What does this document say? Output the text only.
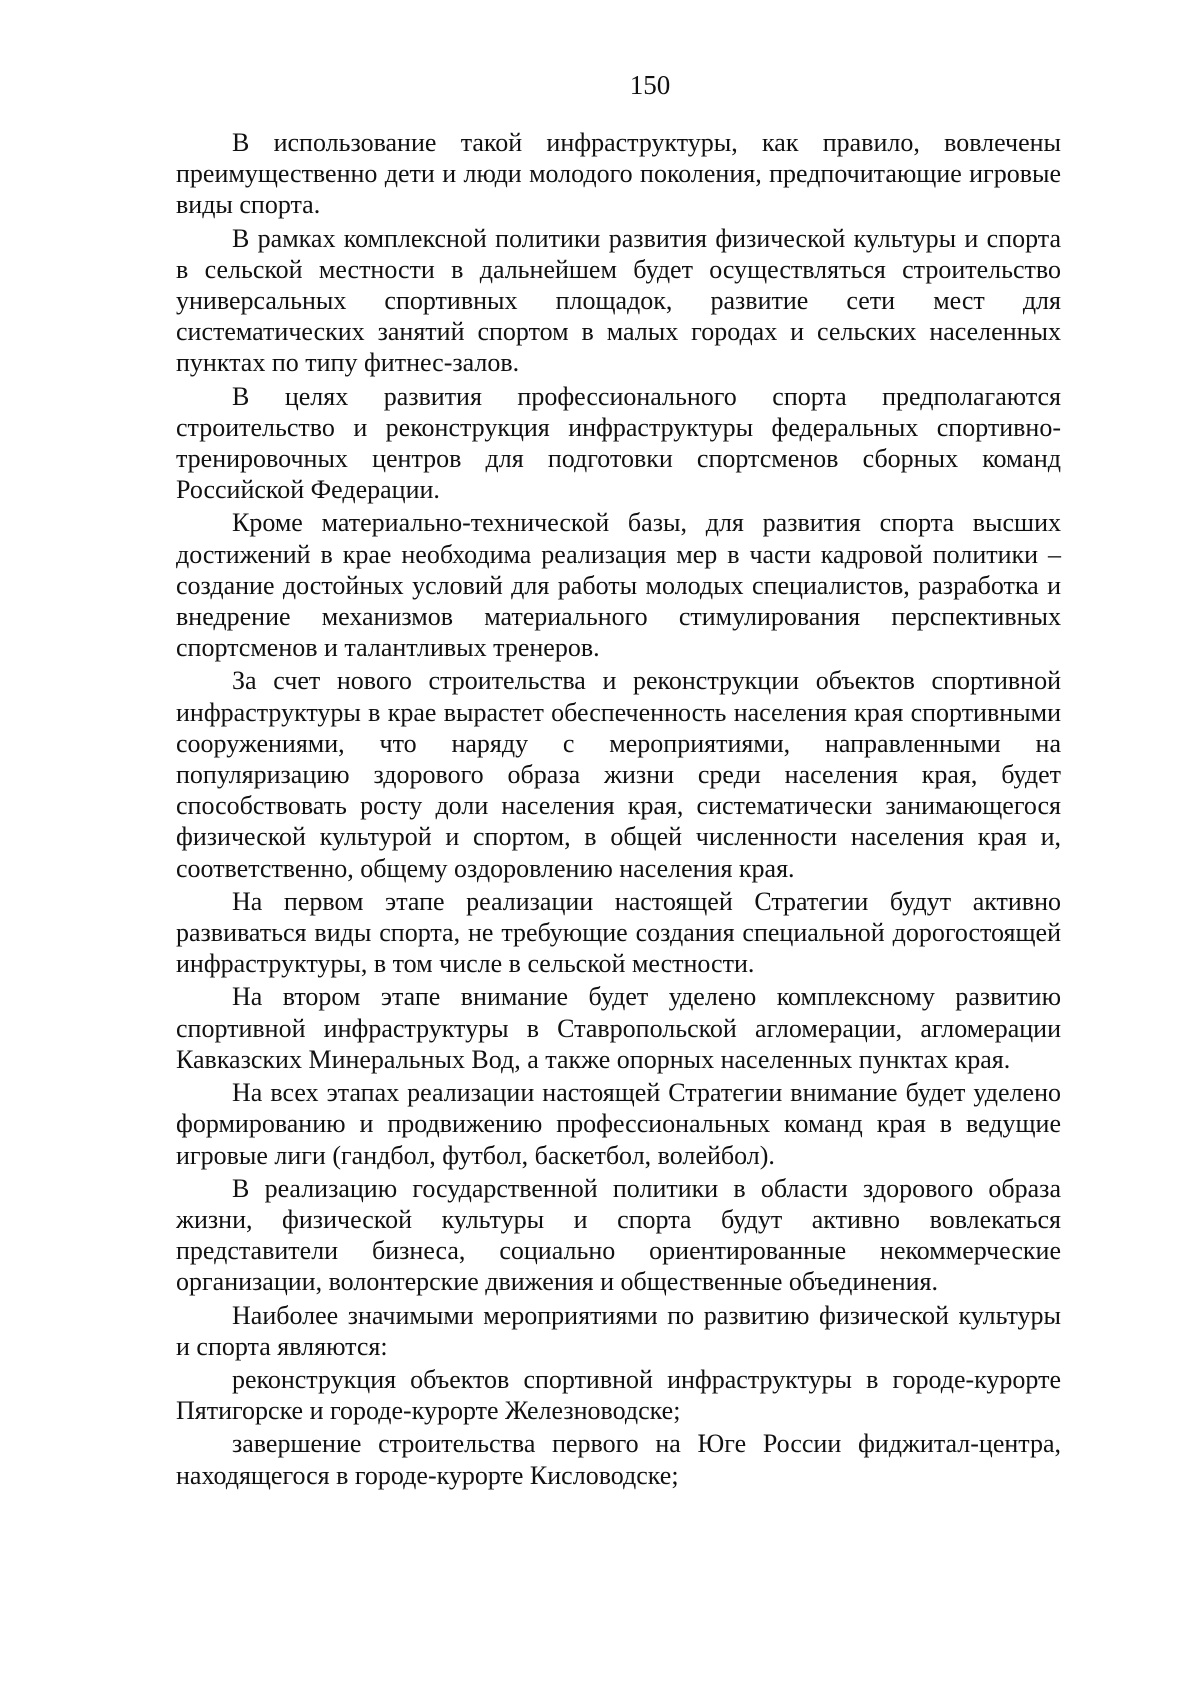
150

В использование такой инфраструктуры, как правило, вовлечены преимущественно дети и люди молодого поколения, предпочитающие игровые виды спорта.

В рамках комплексной политики развития физической культуры и спорта в сельской местности в дальнейшем будет осуществляться строительство универсальных спортивных площадок, развитие сети мест для систематических занятий спортом в малых городах и сельских населенных пунктах по типу фитнес-залов.

В целях развития профессионального спорта предполагаются строительство и реконструкция инфраструктуры федеральных спортивно-тренировочных центров для подготовки спортсменов сборных команд Российской Федерации.

Кроме материально-технической базы, для развития спорта высших достижений в крае необходима реализация мер в части кадровой политики – создание достойных условий для работы молодых специалистов, разработка и внедрение механизмов материального стимулирования перспективных спортсменов и талантливых тренеров.

За счет нового строительства и реконструкции объектов спортивной инфраструктуры в крае вырастет обеспеченность населения края спортивными сооружениями, что наряду с мероприятиями, направленными на популяризацию здорового образа жизни среди населения края, будет способствовать росту доли населения края, систематически занимающегося физической культурой и спортом, в общей численности населения края и, соответственно, общему оздоровлению населения края.

На первом этапе реализации настоящей Стратегии будут активно развиваться виды спорта, не требующие создания специальной дорогостоящей инфраструктуры, в том числе в сельской местности.

На втором этапе внимание будет уделено комплексному развитию спортивной инфраструктуры в Ставропольской агломерации, агломерации Кавказских Минеральных Вод, а также опорных населенных пунктах края.

На всех этапах реализации настоящей Стратегии внимание будет уделено формированию и продвижению профессиональных команд края в ведущие игровые лиги (гандбол, футбол, баскетбол, волейбол).

В реализацию государственной политики в области здорового образа жизни, физической культуры и спорта будут активно вовлекаться представители бизнеса, социально ориентированные некоммерческие организации, волонтерские движения и общественные объединения.

Наиболее значимыми мероприятиями по развитию физической культуры и спорта являются:

реконструкция объектов спортивной инфраструктуры в городе-курорте Пятигорске и городе-курорте Железноводске;

завершение строительства первого на Юге России фиджитал-центра, находящегося в городе-курорте Кисловодске;
